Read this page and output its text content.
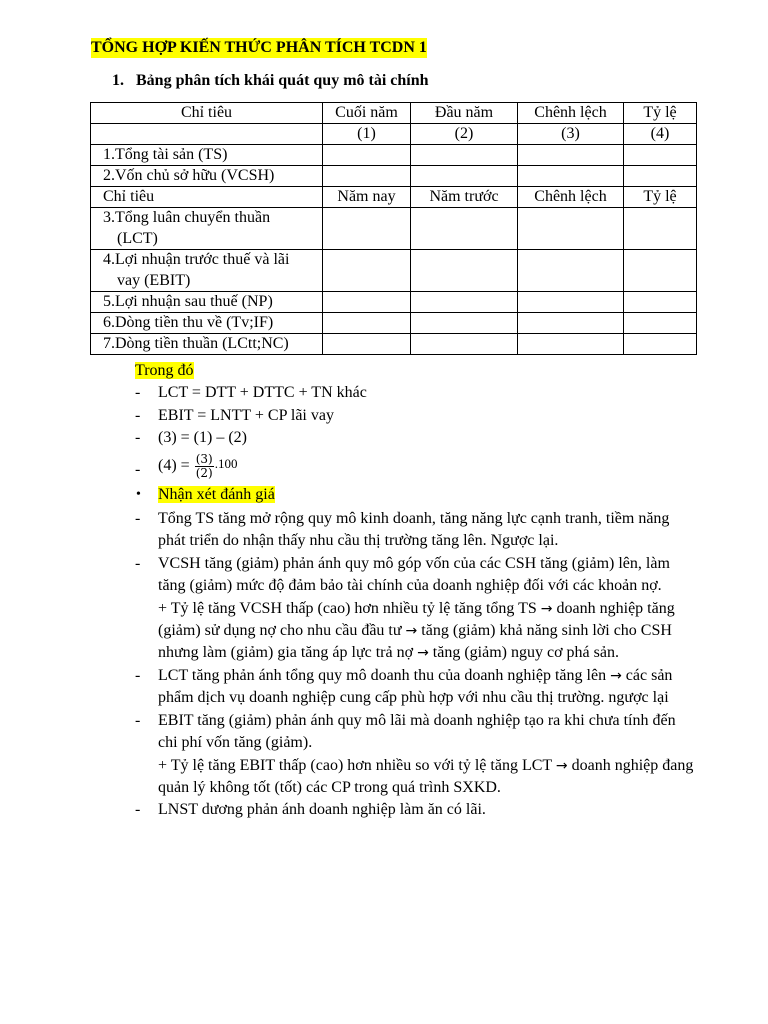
TỔNG HỢP KIẾN THỨC PHÂN TÍCH TCDN 1
1. Bảng phân tích khái quát quy mô tài chính
Chỉ tiêu	Cuối năm	Đầu năm	Chênh lệch	Tỷ lệ
	(1)	(2)	(3)	(4)
1.Tổng tài sản (TS)				
2.Vốn chủ sở hữu (VCSH)				
Chỉ tiêu	Năm nay	Năm trước	Chênh lệch	Tỷ lệ
3.Tổng luân chuyển thuần
(LCT)				
4.Lợi nhuận trước thuế và lãi
vay (EBIT)				
5.Lợi nhuận sau thuế (NP)				
6.Dòng tiền thu về (Tv;IF)				
7.Dòng tiền thuần (LCtt;NC)				
Trong đó
- LCT = DTT + DTTC + TN khác
- EBIT = LNTT + CP lãi vay
- (3) = (1) – (2)
- $(4) = \frac{(3)}{(2)} .100$
• Nhận xét đánh giá
- Tổng TS tăng mở rộng quy mô kinh doanh, tăng năng lực cạnh tranh, tiềm năng phát triển do nhận thấy nhu cầu thị trường tăng lên. Ngược lại.
- VCSH tăng (giảm) phản ánh quy mô góp vốn của các CSH tăng (giảm) lên, làm tăng (giảm) mức độ đảm bảo tài chính của doanh nghiệp đối với các khoản nợ.
+ Tỷ lệ tăng VCSH thấp (cao) hơn nhiều tỷ lệ tăng tổng TS → doanh nghiệp tăng (giảm) sử dụng nợ cho nhu cầu đầu tư → tăng (giảm) khả năng sinh lời cho CSH nhưng làm (giảm) gia tăng áp lực trả nợ → tăng (giảm) nguy cơ phá sản.
- LCT tăng phản ánh tổng quy mô doanh thu của doanh nghiệp tăng lên → các sản phẩm dịch vụ doanh nghiệp cung cấp phù hợp với nhu cầu thị trường. ngược lại
- EBIT tăng (giảm) phản ánh quy mô lãi mà doanh nghiệp tạo ra khi chưa tính đến chi phí vốn tăng (giảm).
+ Tỷ lệ tăng EBIT thấp (cao) hơn nhiều so với tỷ lệ tăng LCT → doanh nghiệp đang quản lý không tốt (tốt) các CP trong quá trình SXKD.
- LNST dương phản ánh doanh nghiệp làm ăn có lãi.
